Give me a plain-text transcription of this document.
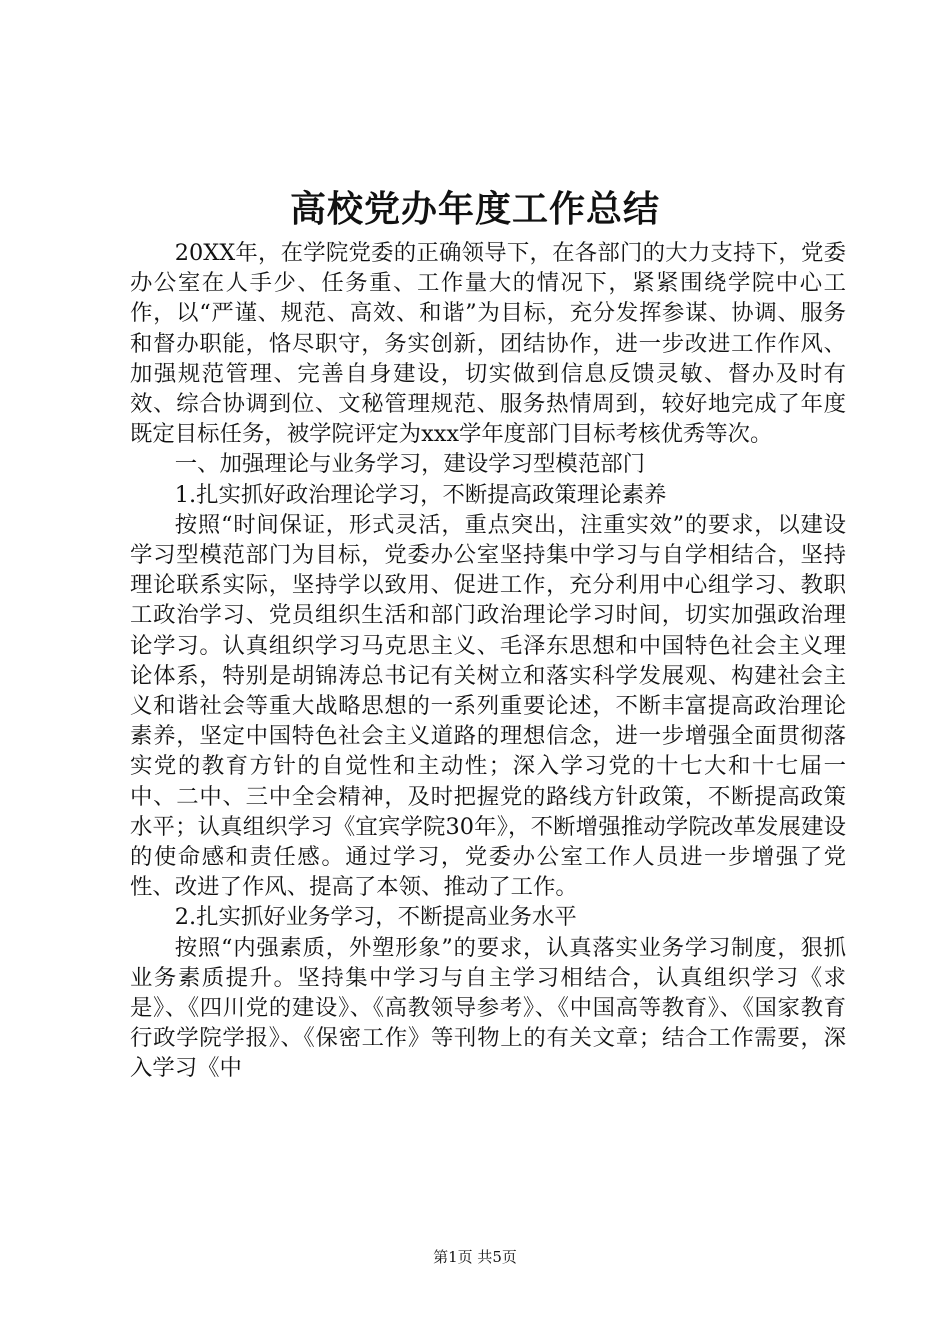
高校党办年度工作总结

20XX年，在学院党委的正确领导下，在各部门的大力支持下，党委办公室在人手少、任务重、工作量大的情况下，紧紧围绕学院中心工作，以“严谨、规范、高效、和谐”为目标，充分发挥参谋、协调、服务和督办职能，恪尽职守，务实创新，团结协作，进一步改进工作作风、加强规范管理、完善自身建设，切实做到信息反馈灵敏、督办及时有效、综合协调到位、文秘管理规范、服务热情周到，较好地完成了年度既定目标任务，被学院评定为xxx学年度部门目标考核优秀等次。

一、加强理论与业务学习，建设学习型模范部门

1.扎实抓好政治理论学习，不断提高政策理论素养

按照“时间保证，形式灵活，重点突出，注重实效”的要求，以建设学习型模范部门为目标，党委办公室坚持集中学习与自学相结合，坚持理论联系实际，坚持学以致用、促进工作，充分利用中心组学习、教职工政治学习、党员组织生活和部门政治理论学习时间，切实加强政治理论学习。认真组织学习马克思主义、毛泽东思想和中国特色社会主义理论体系，特别是胡锦涛总书记有关树立和落实科学发展观、构建社会主义和谐社会等重大战略思想的一系列重要论述，不断丰富提高政治理论素养，坚定中国特色社会主义道路的理想信念，进一步增强全面贯彻落实党的教育方针的自觉性和主动性；深入学习党的十七大和十七届一中、二中、三中全会精神，及时把握党的路线方针政策，不断提高政策水平；认真组织学习《宜宾学院30年》，不断增强推动学院改革发展建设的使命感和责任感。通过学习，党委办公室工作人员进一步增强了党性、改进了作风、提高了本领、推动了工作。

2.扎实抓好业务学习，不断提高业务水平

按照“内强素质，外塑形象”的要求，认真落实业务学习制度，狠抓业务素质提升。坚持集中学习与自主学习相结合，认真组织学习《求是》、《四川党的建设》、《高教领导参考》、《中国高等教育》、《国家教育行政学院学报》、《保密工作》等刊物上的有关文章；结合工作需要，深入学习《中

第1页 共5页
